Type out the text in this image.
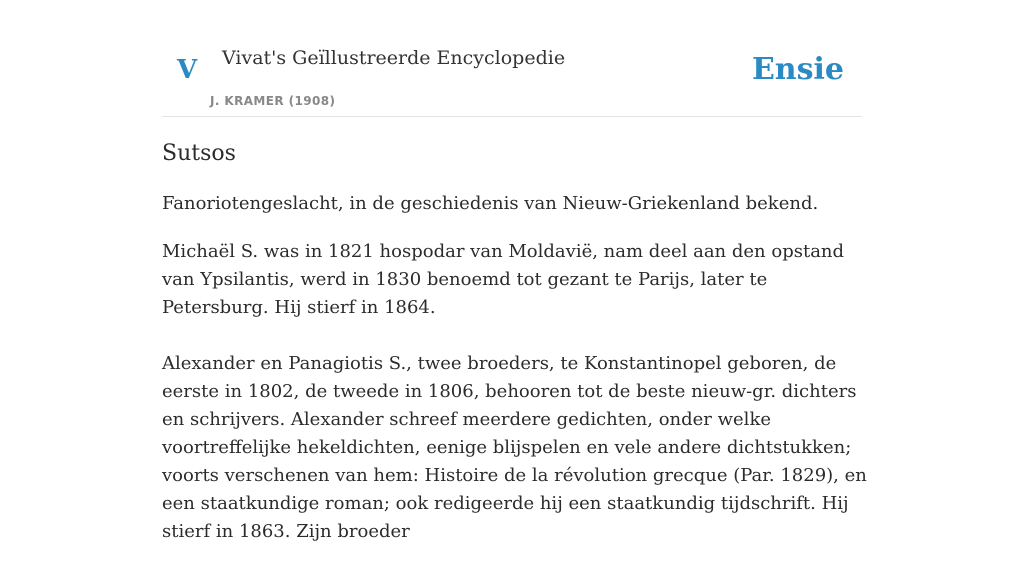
V Vivat's Geïllustreerde Encyclopedie
J. KRAMER (1908)
Ensie
Sutsos

Fanoriotengeslacht, in de geschiedenis van Nieuw-Griekenland bekend.

Michaël S. was in 1821 hospodar van Moldavië, nam deel aan den opstand van Ypsilantis, werd in 1830 benoemd tot gezant te Parijs, later te Petersburg. Hij stierf in 1864.

Alexander en Panagiotis S., twee broeders, te Konstantinopel geboren, de eerste in 1802, de tweede in 1806, behooren tot de beste nieuw-gr. dichters en schrijvers. Alexander schreef meerdere gedichten, onder welke voortreffelijke hekeldichten, eenige blijspelen en vele andere dichtstukken; voorts verschenen van hem: Histoire de la révolution grecque (Par. 1829), en een staatkundige roman; ook redigeerde hij een staatkundig tijdschrift. Hij stierf in 1863. Zijn broeder
